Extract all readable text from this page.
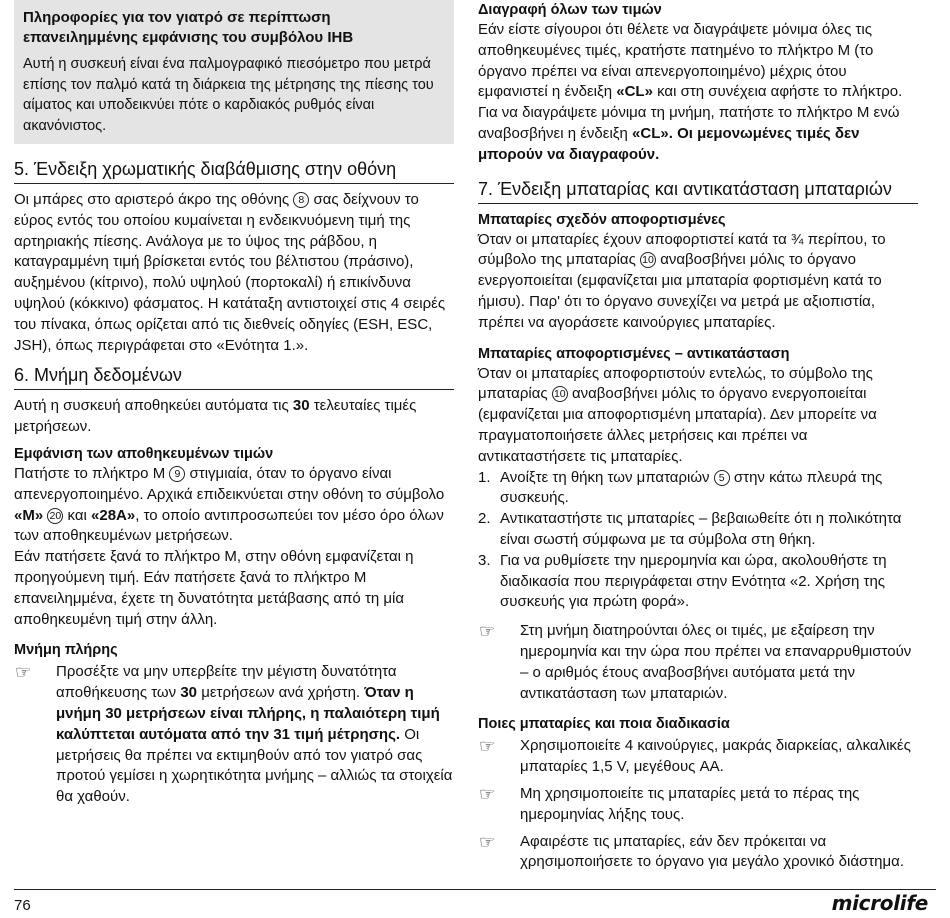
Πληροφορίες για τον γιατρό σε περίπτωση επανειλημμένης εμφάνισης του συμβόλου IHB
Αυτή η συσκευή είναι ένα παλμογραφικό πιεσόμετρο που μετρά επίσης τον παλμό κατά τη διάρκεια της μέτρησης της πίεσης του αίματος και υποδεικνύει πότε ο καρδιακός ρυθμός είναι ακανόνιστος.
5. Ένδειξη χρωματικής διαβάθμισης στην οθόνη

Οι μπάρες στο αριστερό άκρο της οθόνης 8 σας δείχνουν το εύρος εντός του οποίου κυμαίνεται η ενδεικνυόμενη τιμή της αρτηριακής πίεσης. Ανάλογα με το ύψος της ράβδου, η καταγραμμένη τιμή βρίσκεται εντός του βέλτιστου (πράσινο), αυξημένου (κίτρινο), πολύ υψηλού (πορτοκαλί) ή επικίνδυνα υψηλού (κόκκινο) φάσματος. Η κατάταξη αντιστοιχεί στις 4 σειρές του πίνακα, όπως ορίζεται από τις διεθνείς οδηγίες (ESH, ESC, JSH), όπως περιγράφεται στο «Ενότητα 1.».

6. Μνήμη δεδομένων

Αυτή η συσκευή αποθηκεύει αυτόματα τις 30 τελευταίες τιμές μετρήσεων.

Εμφάνιση των αποθηκευμένων τιμών

Πατήστε το πλήκτρο M 9 στιγμιαία, όταν το όργανο είναι απενεργοποιημένο. Αρχικά επιδεικνύεται στην οθόνη το σύμβολο «M» 20 και «28A», το οποίο αντιπροσωπεύει τον μέσο όρο όλων των αποθηκευμένων μετρήσεων.

Εάν πατήσετε ξανά το πλήκτρο M, στην οθόνη εμφανίζεται η προηγούμενη τιμή. Εάν πατήσετε ξανά το πλήκτρο M επανειλημμένα, έχετε τη δυνατότητα μετάβασης από τη μία αποθηκευμένη τιμή στην άλλη.

Μνήμη πλήρης
☞	Προσέξτε να μην υπερβείτε την μέγιστη δυνατότητα αποθήκευσης των 30 μετρήσεων ανά χρήστη. Όταν η μνήμη 30 μετρήσεων είναι πλήρης, η παλαιότερη τιμή καλύπτεται αυτόματα από την 31 τιμή μέτρησης. Οι μετρήσεις θα πρέπει να εκτιμηθούν από τον γιατρό σας προτού γεμίσει η χωρητικότητα μνήμης – αλλιώς τα στοιχεία θα χαθούν.
Διαγραφή όλων των τιμών

Εάν είστε σίγουροι ότι θέλετε να διαγράψετε μόνιμα όλες τις αποθηκευμένες τιμές, κρατήστε πατημένο το πλήκτρο M (το όργανο πρέπει να είναι απενεργοποιημένο) μέχρις ότου εμφανιστεί η ένδειξη «CL» και στη συνέχεια αφήστε το πλήκτρο. Για να διαγράψετε μόνιμα τη μνήμη, πατήστε το πλήκτρο M ενώ αναβοσβήνει η ένδειξη «CL». Οι μεμονωμένες τιμές δεν μπορούν να διαγραφούν.

7. Ένδειξη μπαταρίας και αντικατάσταση μπαταριών
Μπαταρίες σχεδόν αποφορτισμένες

Όταν οι μπαταρίες έχουν αποφορτιστεί κατά τα ¾ περίπου, το σύμβολο της μπαταρίας 10 αναβοσβήνει μόλις το όργανο ενεργοποιείται (εμφανίζεται μια μπαταρία φορτισμένη κατά το ήμισυ). Παρ' ότι το όργανο συνεχίζει να μετρά με αξιοπιστία, πρέπει να αγοράσετε καινούργιες μπαταρίες.

Μπαταρίες αποφορτισμένες – αντικατάσταση

Όταν οι μπαταρίες αποφορτιστούν εντελώς, το σύμβολο της μπαταρίας 10 αναβοσβήνει μόλις το όργανο ενεργοποιείται (εμφανίζεται μια αποφορτισμένη μπαταρία). Δεν μπορείτε να πραγματοποιήσετε άλλες μετρήσεις και πρέπει να αντικαταστήσετε τις μπαταρίες.

1. Ανοίξτε τη θήκη των μπαταριών 5 στην κάτω πλευρά της συσκευής.
2. Αντικαταστήστε τις μπαταρίες – βεβαιωθείτε ότι η πολικότητα είναι σωστή σύμφωνα με τα σύμβολα στη θήκη.
3. Για να ρυθμίσετε την ημερομηνία και ώρα, ακολουθήστε τη διαδικασία που περιγράφεται στην Ενότητα «2. Χρήση της συσκευής για πρώτη φορά».
☞	Στη μνήμη διατηρούνται όλες οι τιμές, με εξαίρεση την ημερομηνία και την ώρα που πρέπει να επαναρρυθμιστούν – ο αριθμός έτους αναβοσβήνει αυτόματα μετά την αντικατάσταση των μπαταριών.
Ποιες μπαταρίες και ποια διαδικασία
☞	Χρησιμοποιείτε 4 καινούργιες, μακράς διαρκείας, αλκαλικές μπαταρίες 1,5 V, μεγέθους AA.
☞	Μη χρησιμοποιείτε τις μπαταρίες μετά το πέρας της ημερομηνίας λήξης τους.
☞	Αφαιρέστε τις μπαταρίες, εάν δεν πρόκειται να χρησιμοποιήσετε το όργανο για μεγάλο χρονικό διάστημα.
76	microlife
